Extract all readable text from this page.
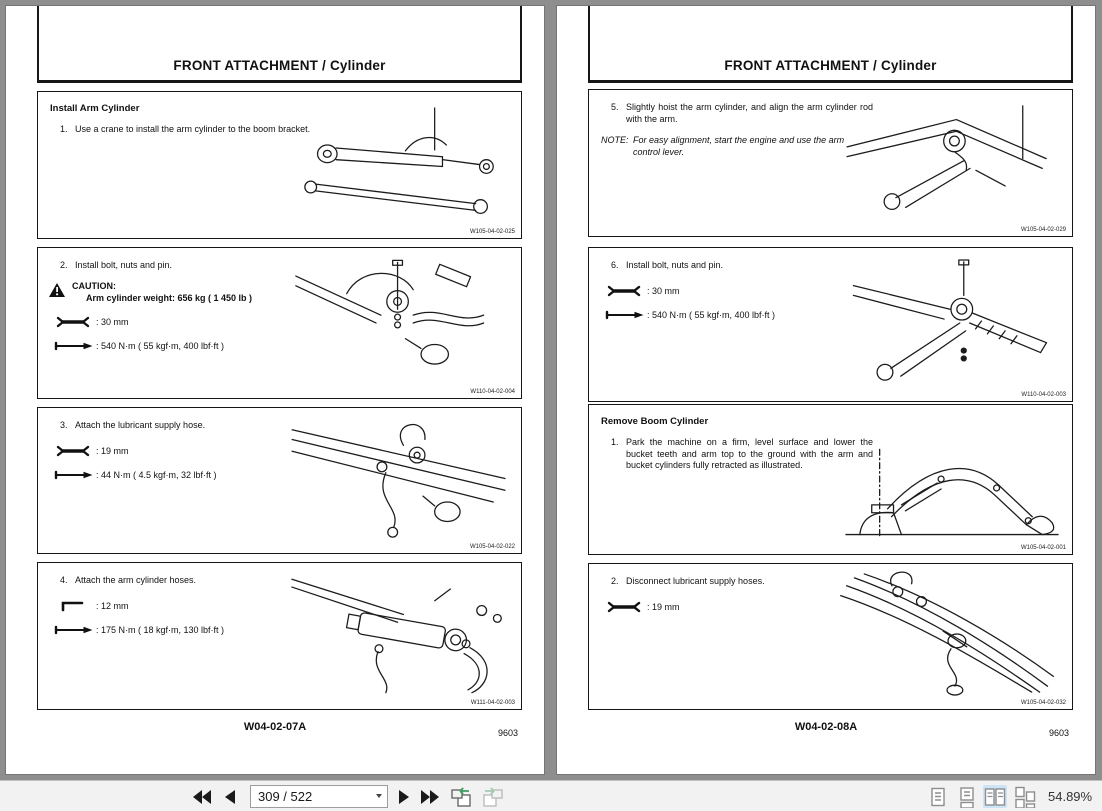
FRONT ATTACHMENT / Cylinder
Install Arm Cylinder
1. Use a crane to install the arm cylinder to the boom bracket.
W105-04-02-025
2. Install bolt, nuts and pin.
CAUTION:
Arm cylinder weight: 656 kg ( 1 450 lb )
: 30 mm
: 540 N·m ( 55 kgf·m, 400 lbf·ft )
W110-04-02-004
3. Attach the lubricant supply hose.
: 19 mm
: 44 N·m ( 4.5 kgf·m, 32 lbf·ft )
W105-04-02-022
4. Attach the arm cylinder hoses.
: 12 mm
: 175 N·m ( 18 kgf·m, 130 lbf·ft )
W111-04-02-003
W04-02-07A	9603
FRONT ATTACHMENT / Cylinder
5. Slightly hoist the arm cylinder, and align the arm cylinder rod with the arm.
NOTE: For easy alignment, start the engine and use the arm control lever.
W105-04-02-029
6. Install bolt, nuts and pin.
: 30 mm
: 540 N·m ( 55 kgf·m, 400 lbf·ft )
W110-04-02-003
Remove Boom Cylinder
1. Park the machine on a firm, level surface and lower the bucket teeth and arm top to the ground with the arm and bucket cylinders fully retracted as illustrated.
W105-04-02-001
2. Disconnect lubricant supply hoses.
: 19 mm
W105-04-02-032
W04-02-08A	9603
309 / 522
54.89%
